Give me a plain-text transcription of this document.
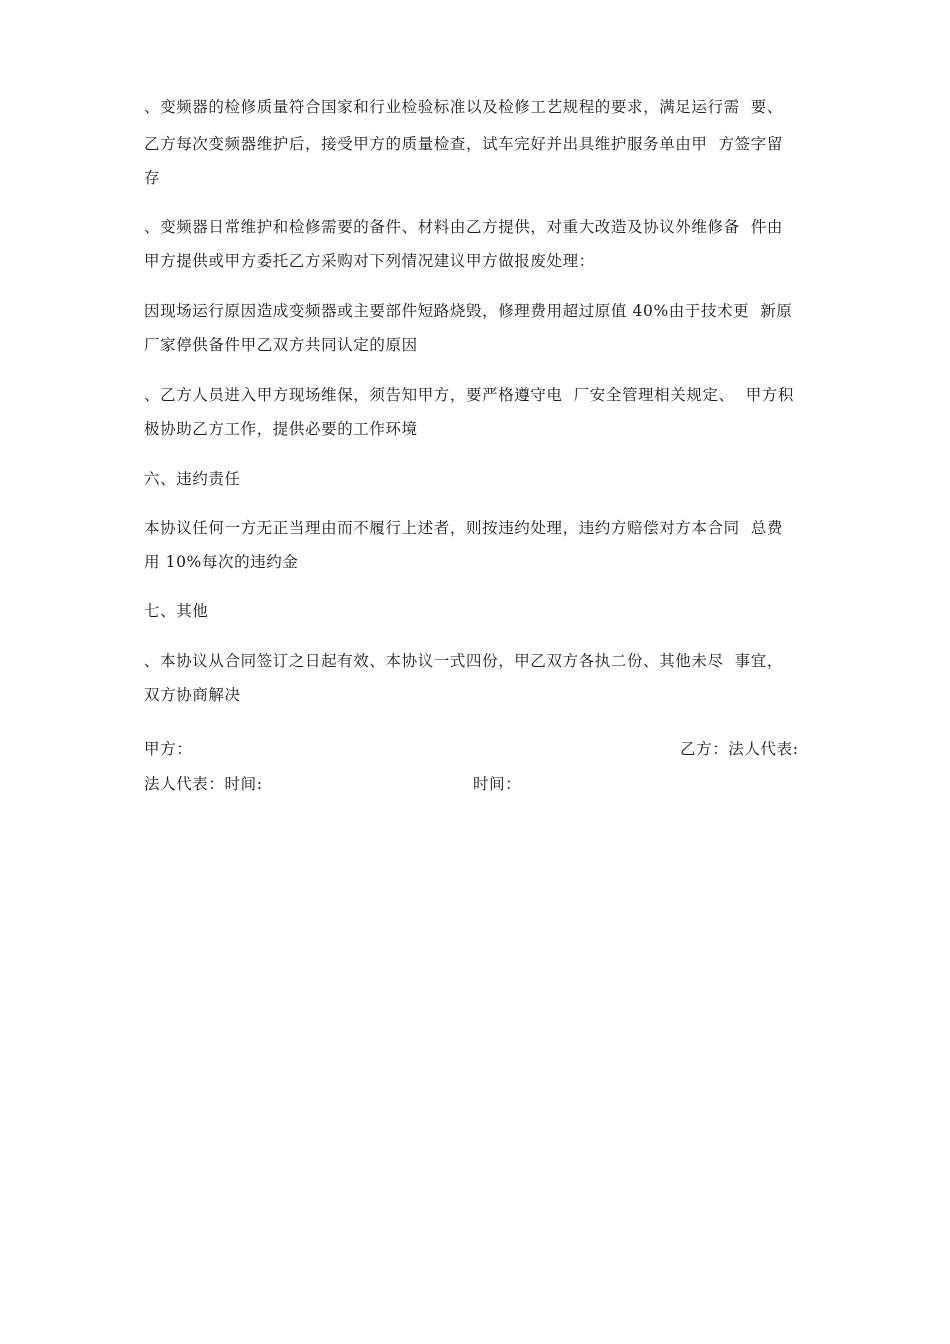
、变频器的检修质量符合国家和行业检验标准以及检修工艺规程的要求，满足运行需  要、
乙方每次变频器维护后，接受甲方的质量检查，试车完好并出具维护服务单由甲  方签字留
存
、变频器日常维护和检修需要的备件、材料由乙方提供，对重大改造及协议外维修备  件由
甲方提供或甲方委托乙方采购对下列情况建议甲方做报废处理：
因现场运行原因造成变频器或主要部件短路烧毁，修理费用超过原值 40%由于技术更  新原
厂家停供备件甲乙双方共同认定的原因
、乙方人员进入甲方现场维保，须告知甲方，要严格遵守电  厂安全管理相关规定、  甲方积
极协助乙方工作，提供必要的工作环境
六、违约责任
本协议任何一方无正当理由而不履行上述者，则按违约处理，违约方赔偿对方本合同  总费
用 10%每次的违约金
七、其他
、本协议从合同签订之日起有效、本协议一式四份，甲乙双方各执二份、其他未尽  事宜，
双方协商解决
甲方：	乙方：法人代表:
法人代表：时间:	时间：
